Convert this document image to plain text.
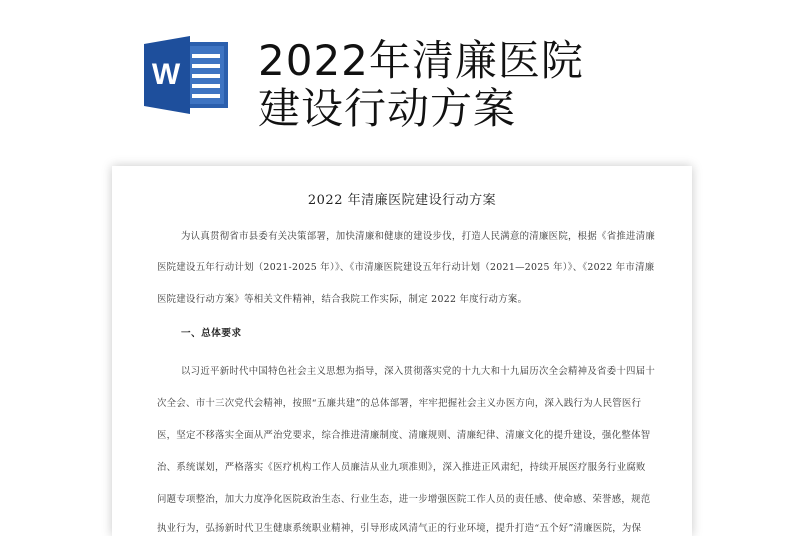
W 2022年清廉医院
建设行动方案
2022 年清廉医院建设行动方案
为认真贯彻省市县委有关决策部署，加快清廉和健康的建设步伐，打造人民满意的清廉医院，根据《省推进清廉
医院建设五年行动计划（2021-2025 年）》、《市清廉医院建设五年行动计划（2021—2025 年）》、《2022 年市清廉
医院建设行动方案》等相关文件精神，结合我院工作实际，制定 2022 年度行动方案。
一、总体要求
以习近平新时代中国特色社会主义思想为指导，深入贯彻落实党的十九大和十九届历次全会精神及省委十四届十
次全会、市十三次党代会精神，按照“五廉共建”的总体部署，牢牢把握社会主义办医方向，深入践行为人民管医行
医，坚定不移落实全面从严治党要求，综合推进清廉制度、清廉规则、清廉纪律、清廉文化的提升建设，强化整体智
治、系统谋划，严格落实《医疗机构工作人员廉洁从业九项准则》，深入推进正风肃纪，持续开展医疗服务行业腐败
问题专项整治，加大力度净化医院政治生态、行业生态，进一步增强医院工作人员的责任感、使命感、荣誉感，规范
执业行为，弘扬新时代卫生健康系统职业精神，引导形成风清气正的行业环境，提升打造“五个好”清廉医院，为保
